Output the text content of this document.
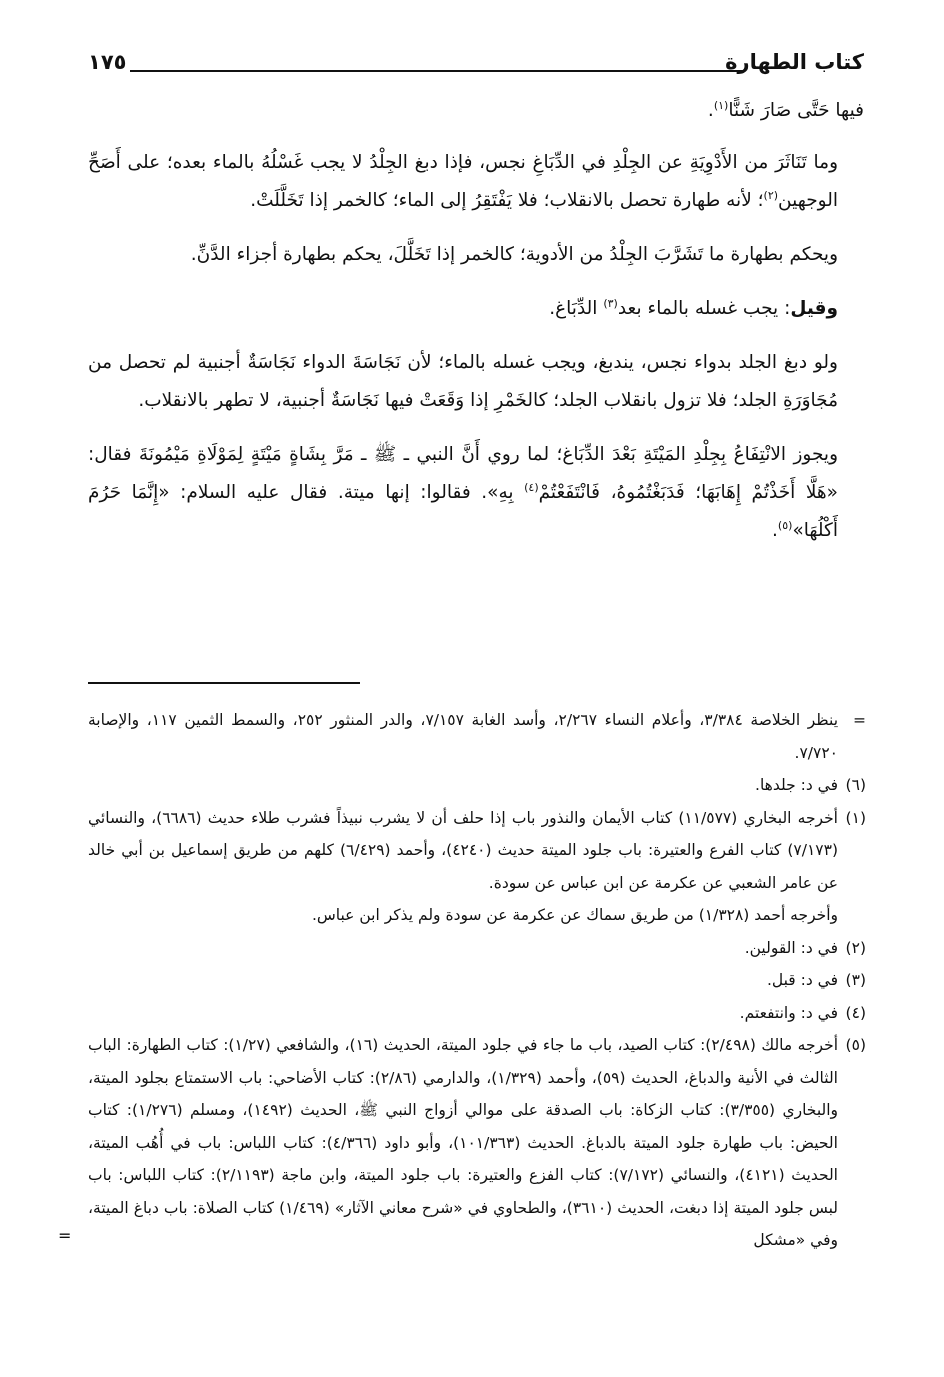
كتاب الطهارة
١٧٥

فيها حَتَّى صَارَ شَنًّا$^{(١)}$.

وما تَنَاثَرَ من الأَدْوِيَةِ عن الجِلْدِ في الدِّبَاغِ نجس، فإذا دبغ الجِلْدُ لا يجب غَسْلُهُ بالماء بعده؛ على أَصَحِّ الوجهين$^{(٢)}$؛ لأنه طهارة تحصل بالانقلاب؛ فلا يَفْتَقِرُ إلى الماء؛ كالخمر إذا تَخَلَّلَتْ.

ويحكم بطهارة ما تَشَرَّبَ الجِلْدُ من الأدوية؛ كالخمر إذا تَخَلَّلَ، يحكم بطهارة أجزاء الدَّنِّ.

وقيل: يجب غسله بالماء بعد$^{(٣)}$ الدِّبَاغ.

ولو دبغ الجلد بدواء نجس، يندبغ، ويجب غسله بالماء؛ لأن نَجَاسَةَ الدواء نَجَاسَةٌ أجنبية لم تحصل من مُجَاوَرَةِ الجلد؛ فلا تزول بانقلاب الجلد؛ كالخَمْرِ إذا وَقَعَتْ فيها نَجَاسَةٌ أجنبية، لا تطهر بالانقلاب.

ويجوز الانْتِفَاعُ بِجِلْدِ المَيْتَةِ بَعْدَ الدِّبَاغ؛ لما روي أَنَّ النبي ـ ﷺ ـ مَرَّ بِشَاةٍ مَيْتَةٍ لِمَوْلَاةِ مَيْمُونَةَ فقال: «هَلَّا أَخَذْتُمْ إِهَابَهَا؛ فَدَبَغْتُمُوهُ، فَانْتَفَعْتُمْ$^{(٤)}$ بِهِ». فقالوا: إنها ميتة. فقال عليه السلام: «إِنَّمَا حَرُمَ أَكْلُهَا»$^{(٥)}$.

=
ينظر الخلاصة ٣/٣٨٤، وأعلام النساء ٢/٢٦٧، وأسد الغابة ٧/١٥٧، والدر المنثور ٢٥٢، والسمط الثمين ١١٧، والإصابة ٧/٧٢٠.

(٦)
في د: جلدها.

(١)
أخرجه البخاري (١١/٥٧٧) كتاب الأيمان والنذور باب إذا حلف أن لا يشرب نبيذاً فشرب طلاء حديث (٦٦٨٦)، والنسائي (٧/١٧٣) كتاب الفرع والعتيرة: باب جلود الميتة حديث (٤٢٤٠)، وأحمد (٦/٤٢٩) كلهم من طريق إسماعيل بن أبي خالد عن عامر الشعبي عن عكرمة عن ابن عباس عن سودة.
وأخرجه أحمد (١/٣٢٨) من طريق سماك عن عكرمة عن سودة ولم يذكر ابن عباس.

(٢)
في د: القولين.

(٣)
في د: قبل.

(٤)
في د: وانتفعتم.

(٥)
أخرجه مالك (٢/٤٩٨): كتاب الصيد، باب ما جاء في جلود الميتة، الحديث (١٦)، والشافعي (١/٢٧): كتاب الطهارة: الباب الثالث في الأنية والدباغ، الحديث (٥٩)، وأحمد (١/٣٢٩)، والدارمي (٢/٨٦): كتاب الأضاحي: باب الاستمتاع بجلود الميتة، والبخاري (٣/٣٥٥): كتاب الزكاة: باب الصدقة على موالي أزواج النبي ﷺ، الحديث (١٤٩٢)، ومسلم (١/٢٧٦): كتاب الحيض: باب طهارة جلود الميتة بالدباغ. الحديث (١٠١/٣٦٣)، وأبو داود (٤/٣٦٦): كتاب اللباس: باب في أُهُب الميتة، الحديث (٤١٢١)، والنسائي (٧/١٧٢): كتاب الفزع والعتيرة: باب جلود الميتة، وابن ماجة (٢/١١٩٣): كتاب اللباس: باب لبس جلود الميتة إذا دبغت، الحديث (٣٦١٠)، والطحاوي في «شرح معاني الآثار» (١/٤٦٩) كتاب الصلاة: باب دباغ الميتة، وفي «مشكل
=
